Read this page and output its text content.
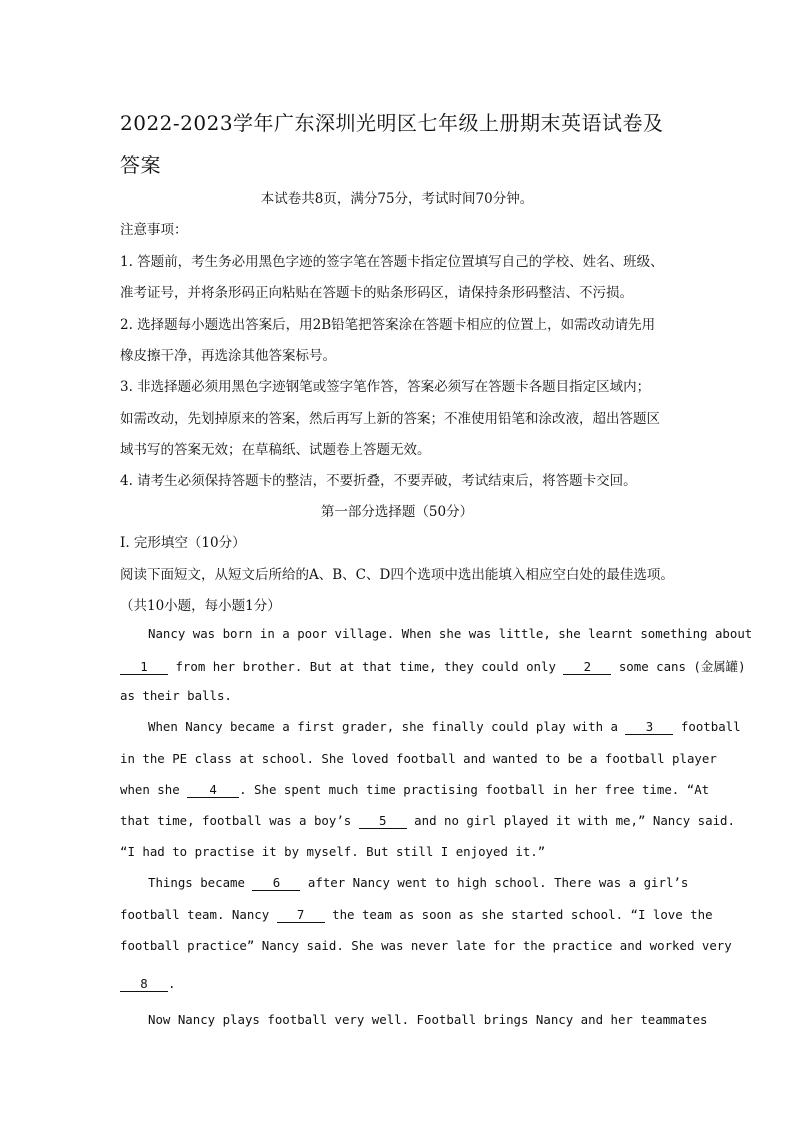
2022-2023学年广东深圳光明区七年级上册期末英语试卷及答案
本试卷共8页，满分75分，考试时间70分钟。
注意事项：
1. 答题前，考生务必用黑色字迹的签字笔在答题卡指定位置填写自己的学校、姓名、班级、
准考证号，并将条形码正向粘贴在答题卡的贴条形码区，请保持条形码整洁、不污损。
2. 选择题每小题选出答案后，用2B铅笔把答案涂在答题卡相应的位置上，如需改动请先用
橡皮擦干净，再选涂其他答案标号。
3. 非选择题必须用黑色字迹钢笔或签字笔作答，答案必须写在答题卡各题目指定区域内；
如需改动，先划掉原来的答案，然后再写上新的答案；不准使用铅笔和涂改液，超出答题区
域书写的答案无效；在草稿纸、试题卷上答题无效。
4. 请考生必须保持答题卡的整洁，不要折叠，不要弄破，考试结束后，将答题卡交回。
第一部分选择题（50分）
Ⅰ. 完形填空（10分）
阅读下面短文，从短文后所给的A、B、C、D四个选项中选出能填入相应空白处的最佳选项。
（共10小题，每小题1分）
Nancy was born in a poor village. When she was little, she learnt something about
1 from her brother. But at that time, they could only 2 some cans (金属罐)
as their balls.
When Nancy became a first grader, she finally could play with a 3 football
in the PE class at school. She loved football and wanted to be a football player
when she 4 . She spent much time practising football in her free time. “At
that time, football was a boy’s 5 and no girl played it with me,” Nancy said.
“I had to practise it by myself. But still I enjoyed it.”
Things became 6 after Nancy went to high school. There was a girl’s
football team. Nancy 7 the team as soon as she started school. “I love the
football practice” Nancy said. She was never late for the practice and worked very
8 .
Now Nancy plays football very well. Football brings Nancy and her teammates
